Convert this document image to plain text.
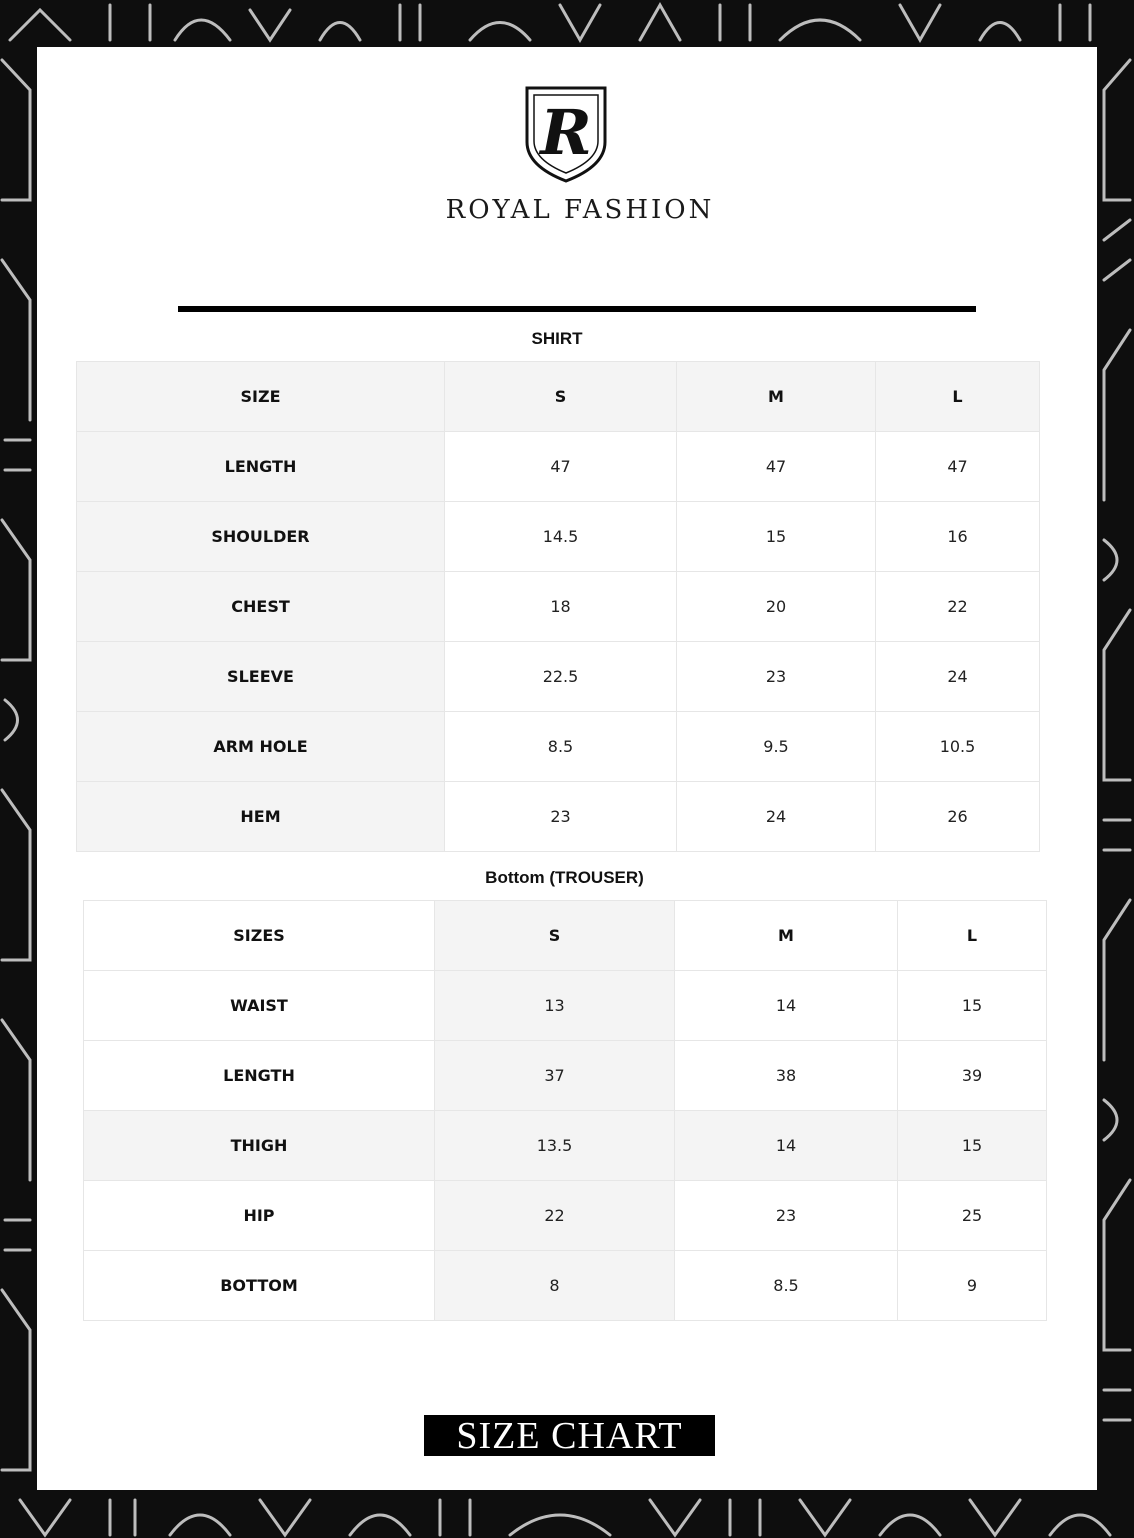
R
ROYAL FASHION
SHIRT
SIZE	S	M	L
LENGTH	47	47	47
SHOULDER	14.5	15	16
CHEST	18	20	22
SLEEVE	22.5	23	24
ARM HOLE	8.5	9.5	10.5
HEM	23	24	26
Bottom (TROUSER)
SIZES	S	M	L
WAIST	13	14	15
LENGTH	37	38	39
THIGH	13.5	14	15
HIP	22	23	25
BOTTOM	8	8.5	9
SIZE CHART
